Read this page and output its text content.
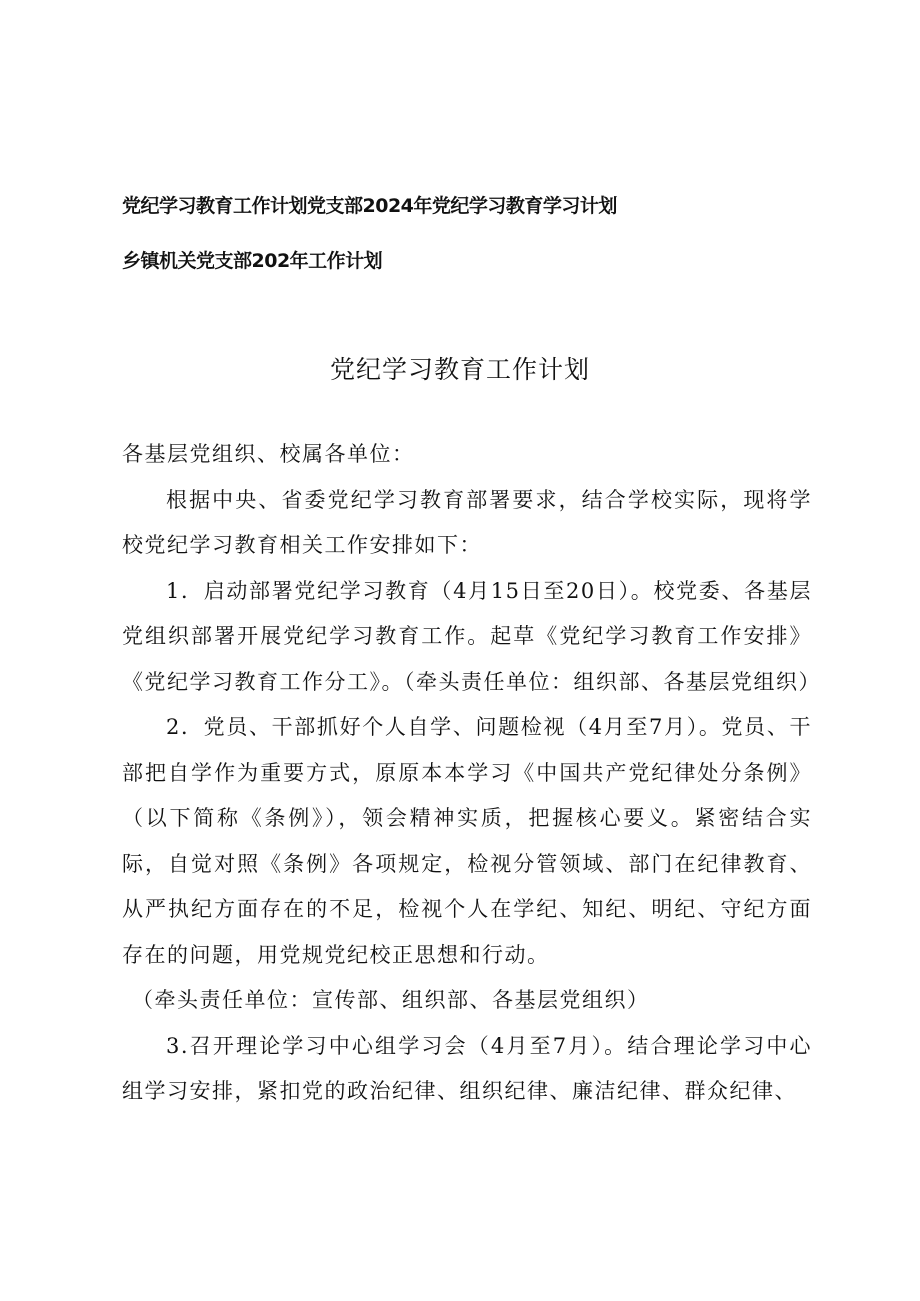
党纪学习教育工作计划党支部2024年党纪学习教育学习计划
乡镇机关党支部202年工作计划
党纪学习教育工作计划

各基层党组织、校属各单位：

根据中央、省委党纪学习教育部署要求，结合学校实际，现将学校党纪学习教育相关工作安排如下：

1．启动部署党纪学习教育（4月15日至20日）。校党委、各基层党组织部署开展党纪学习教育工作。起草《党纪学习教育工作安排》《党纪学习教育工作分工》。（牵头责任单位：组织部、各基层党组织）

2．党员、干部抓好个人自学、问题检视（4月至7月）。党员、干部把自学作为重要方式，原原本本学习《中国共产党纪律处分条例》（以下简称《条例》），领会精神实质，把握核心要义。紧密结合实际，自觉对照《条例》各项规定，检视分管领域、部门在纪律教育、从严执纪方面存在的不足，检视个人在学纪、知纪、明纪、守纪方面存在的问题，用党规党纪校正思想和行动。

（牵头责任单位：宣传部、组织部、各基层党组织）

3.召开理论学习中心组学习会（4月至7月）。结合理论学习中心组学习安排，紧扣党的政治纪律、组织纪律、廉洁纪律、群众纪律、
